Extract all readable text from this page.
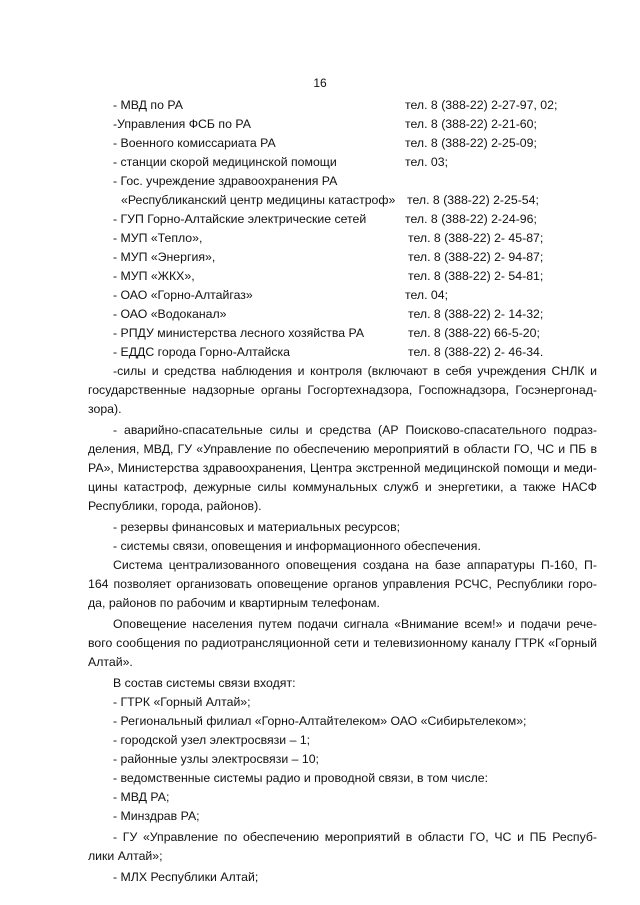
16
- МВД по РА	тел. 8 (388-22) 2-27-97, 02;
-Управления ФСБ по РА	тел. 8 (388-22) 2-21-60;
- Военного комиссариата РА	тел. 8 (388-22) 2-25-09;
- станции скорой медицинской помощи	тел. 03;
- Гос. учреждение здравоохранения РА
«Республиканский центр медицины катастроф» тел. 8 (388-22) 2-25-54;
- ГУП Горно-Алтайские электрические сетей	тел. 8 (388-22) 2-24-96;
- МУП «Тепло»,	тел. 8 (388-22) 2- 45-87;
- МУП «Энергия»,	тел. 8 (388-22) 2- 94-87;
- МУП «ЖКХ»,	тел. 8 (388-22) 2- 54-81;
- ОАО «Горно-Алтайгаз»	тел. 04;
- ОАО «Водоканал»	тел. 8 (388-22) 2- 14-32;
- РПДУ министерства лесного хозяйства РА	тел. 8 (388-22) 66-5-20;
- ЕДДС города Горно-Алтайска	тел. 8 (388-22) 2- 46-34.
-силы и средства наблюдения и контроля (включают в себя учреждения СНЛК и
государственные надзорные органы Госгортехнадзора, Госпожнадзора, Госэнергонад-
зора).
- аварийно-спасательные силы и средства (АР Поисково-спасательного подраз-
деления, МВД, ГУ «Управление по обеспечению мероприятий в области ГО, ЧС и ПБ в
РА», Министерства здравоохранения, Центра экстренной медицинской помощи и меди-
цины катастроф, дежурные силы коммунальных служб и энергетики, а также НАСФ
Республики, города, районов).
- резервы финансовых и материальных ресурсов;
- системы связи, оповещения и информационного обеспечения.
Система централизованного оповещения создана на базе аппаратуры П-160, П-
164 позволяет организовать оповещение органов управления РСЧС, Республики горо-
да, районов по рабочим и квартирным телефонам.
Оповещение населения путем подачи сигнала «Внимание всем!» и подачи рече-
вого сообщения по радиотрансляционной сети и телевизионному каналу ГТРК «Горный
Алтай».
В состав системы связи входят:
- ГТРК «Горный Алтай»;
- Региональный филиал «Горно-Алтайтелеком» ОАО «Сибирьтелеком»;
- городской узел электросвязи – 1;
- районные узлы электросвязи – 10;
- ведомственные системы радио и проводной связи, в том числе:
- МВД РА;
- Минздрав РА;
- ГУ «Управление по обеспечению мероприятий в области ГО, ЧС и ПБ Респуб-
лики Алтай»;
- МЛХ Республики Алтай;
